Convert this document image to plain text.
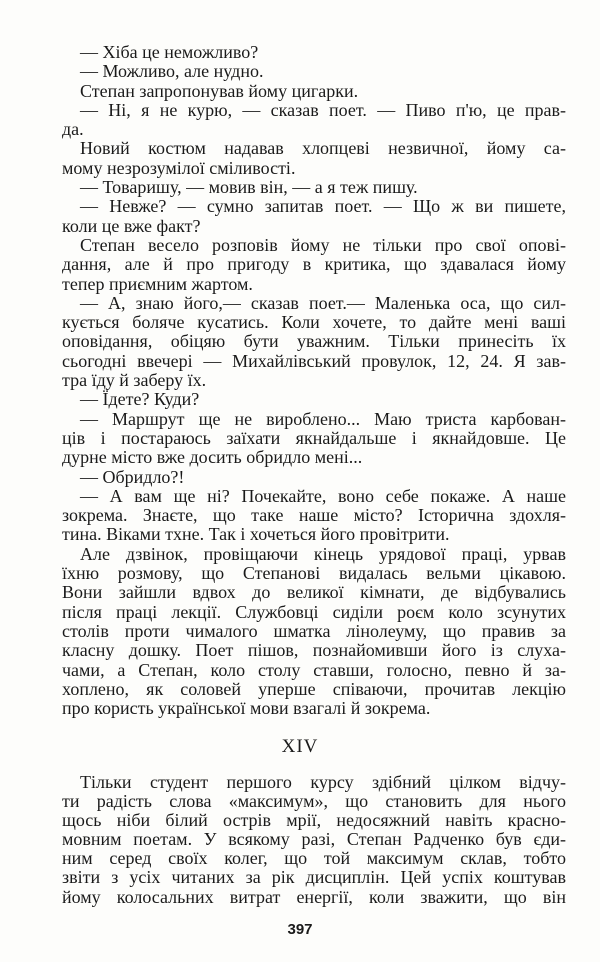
— Хіба це неможливо?
— Можливо, але нудно.
Степан запропонував йому цигарки.
— Ні, я не курю, — сказав поет. — Пиво п'ю, це прав-
да.
Новий костюм надавав хлопцеві незвичної, йому са-
мому незрозумілої сміливості.
— Товаришу, — мовив він, — а я теж пишу.
— Невже? — сумно запитав поет. — Що ж ви пишете,
коли це вже факт?
Степан весело розповів йому не тільки про свої опові-
дання, але й про пригоду в критика, що здавалася йому
тепер приємним жартом.
— А, знаю його,— сказав поет.— Маленька оса, що сил-
кується боляче кусатись. Коли хочете, то дайте мені ваші
оповідання, обіцяю бути уважним. Тільки принесіть їх
сьогодні ввечері — Михайлівський провулок, 12, 24. Я зав-
тра їду й заберу їх.
— Їдете? Куди?
— Маршрут ще не вироблено... Маю триста карбован-
ців і постараюсь заїхати якнайдальше і якнайдовше. Це
дурне місто вже досить обридло мені...
— Обридло?!
— А вам ще ні? Почекайте, воно себе покаже. А наше
зокрема. Знаєте, що таке наше місто? Історична здохля-
тина. Віками тхне. Так і хочеться його провітрити.
Але дзвінок, провіщаючи кінець урядової праці, урвав
їхню розмову, що Степанові видалась вельми цікавою.
Вони зайшли вдвох до великої кімнати, де відбувались
після праці лекції. Службовці сиділи роєм коло зсунутих
столів проти чималого шматка лінолеуму, що правив за
класну дошку. Поет пішов, познайомивши його із слуха-
чами, а Степан, коло столу ставши, голосно, певно й за-
хоплено, як соловей уперше співаючи, прочитав лекцію
про користь української мови взагалі й зокрема.
XIV
Тільки студент першого курсу здібний цілком відчу-
ти радість слова «максимум», що становить для нього
щось ніби білий острів мрії, недосяжний навіть красно-
мовним поетам. У всякому разі, Степан Радченко був єди-
ним серед своїх колег, що той максимум склав, тобто
звіти з усіх читаних за рік дисциплін. Цей успіх коштував
йому колосальних витрат енергії, коли зважити, що він
397
